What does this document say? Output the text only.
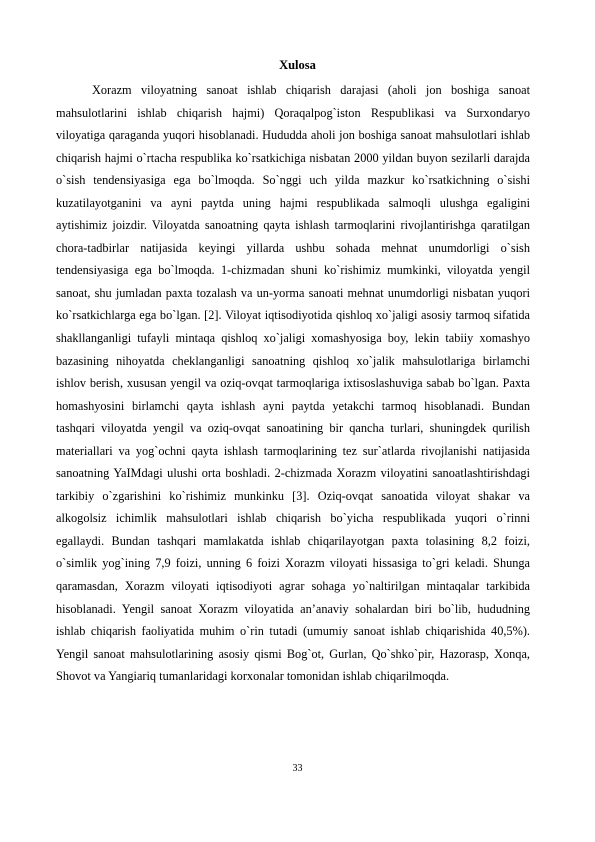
Xulosa

Xorazm viloyatning sanoat ishlab chiqarish darajasi (aholi jon boshiga sanoat mahsulotlarini ishlab chiqarish hajmi) Qoraqalpog`iston Respublikasi va Surxondaryo viloyatiga qaraganda yuqori hisoblanadi. Hududda aholi jon boshiga sanoat mahsulotlari ishlab chiqarish hajmi o`rtacha respublika ko`rsatkichiga nisbatan 2000 yildan buyon sezilarli darajda o`sish tendensiyasiga ega bo`lmoqda. So`nggi uch yilda mazkur ko`rsatkichning o`sishi kuzatilayotganini va ayni paytda uning hajmi respublikada salmoqli ulushga egaligini aytishimiz joizdir. Viloyatda sanoatning qayta ishlash tarmoqlarini rivojlantirishga qaratilgan chora-tadbirlar natijasida keyingi yillarda ushbu sohada mehnat unumdorligi o`sish tendensiyasiga ega bo`lmoqda. 1-chizmadan shuni ko`rishimiz mumkinki, viloyatda yengil sanoat, shu jumladan paxta tozalash va un-yorma sanoati mehnat unumdorligi nisbatan yuqori ko`rsatkichlarga ega bo`lgan. [2]. Viloyat iqtisodiyotida qishloq xo`jaligi asosiy tarmoq sifatida shakllanganligi tufayli mintaqa qishloq xo`jaligi xomashyosiga boy, lekin tabiiy xomashyo bazasining nihoyatda cheklanganligi sanoatning qishloq xo`jalik mahsulotlariga birlamchi ishlov berish, xususan yengil va oziq-ovqat tarmoqlariga ixtisoslashuviga sabab bo`lgan. Paxta homashyosini birlamchi qayta ishlash ayni paytda yetakchi tarmoq hisoblanadi. Bundan tashqari viloyatda yengil va oziq-ovqat sanoatining bir qancha turlari, shuningdek qurilish materiallari va yog`ochni qayta ishlash tarmoqlarining tez sur`atlarda rivojlanishi natijasida sanoatning YaIMdagi ulushi orta boshladi. 2-chizmada Xorazm viloyatini sanoatlashtirishdagi tarkibiy o`zgarishini ko`rishimiz munkinku [3]. Oziq-ovqat sanoatida viloyat shakar va alkogolsiz ichimlik mahsulotlari ishlab chiqarish bo`yicha respublikada yuqori o`rinni egallaydi. Bundan tashqari mamlakatda ishlab chiqarilayotgan paxta tolasining 8,2 foizi, o`simlik yog`ining 7,9 foizi, unning 6 foizi Xorazm viloyati hissasiga to`gri keladi. Shunga qaramasdan, Xorazm viloyati iqtisodiyoti agrar sohaga yo`naltirilgan mintaqalar tarkibida hisoblanadi. Yengil sanoat Xorazm viloyatida an’anaviy sohalardan biri bo`lib, hududning ishlab chiqarish faoliyatida muhim o`rin tutadi (umumiy sanoat ishlab chiqarishida 40,5%). Yengil sanoat mahsulotlarining asosiy qismi Bog`ot, Gurlan, Qo`shko`pir, Hazorasp, Xonqa, Shovot va Yangiariq tumanlaridagi korxonalar tomonidan ishlab chiqarilmoqda.

33
